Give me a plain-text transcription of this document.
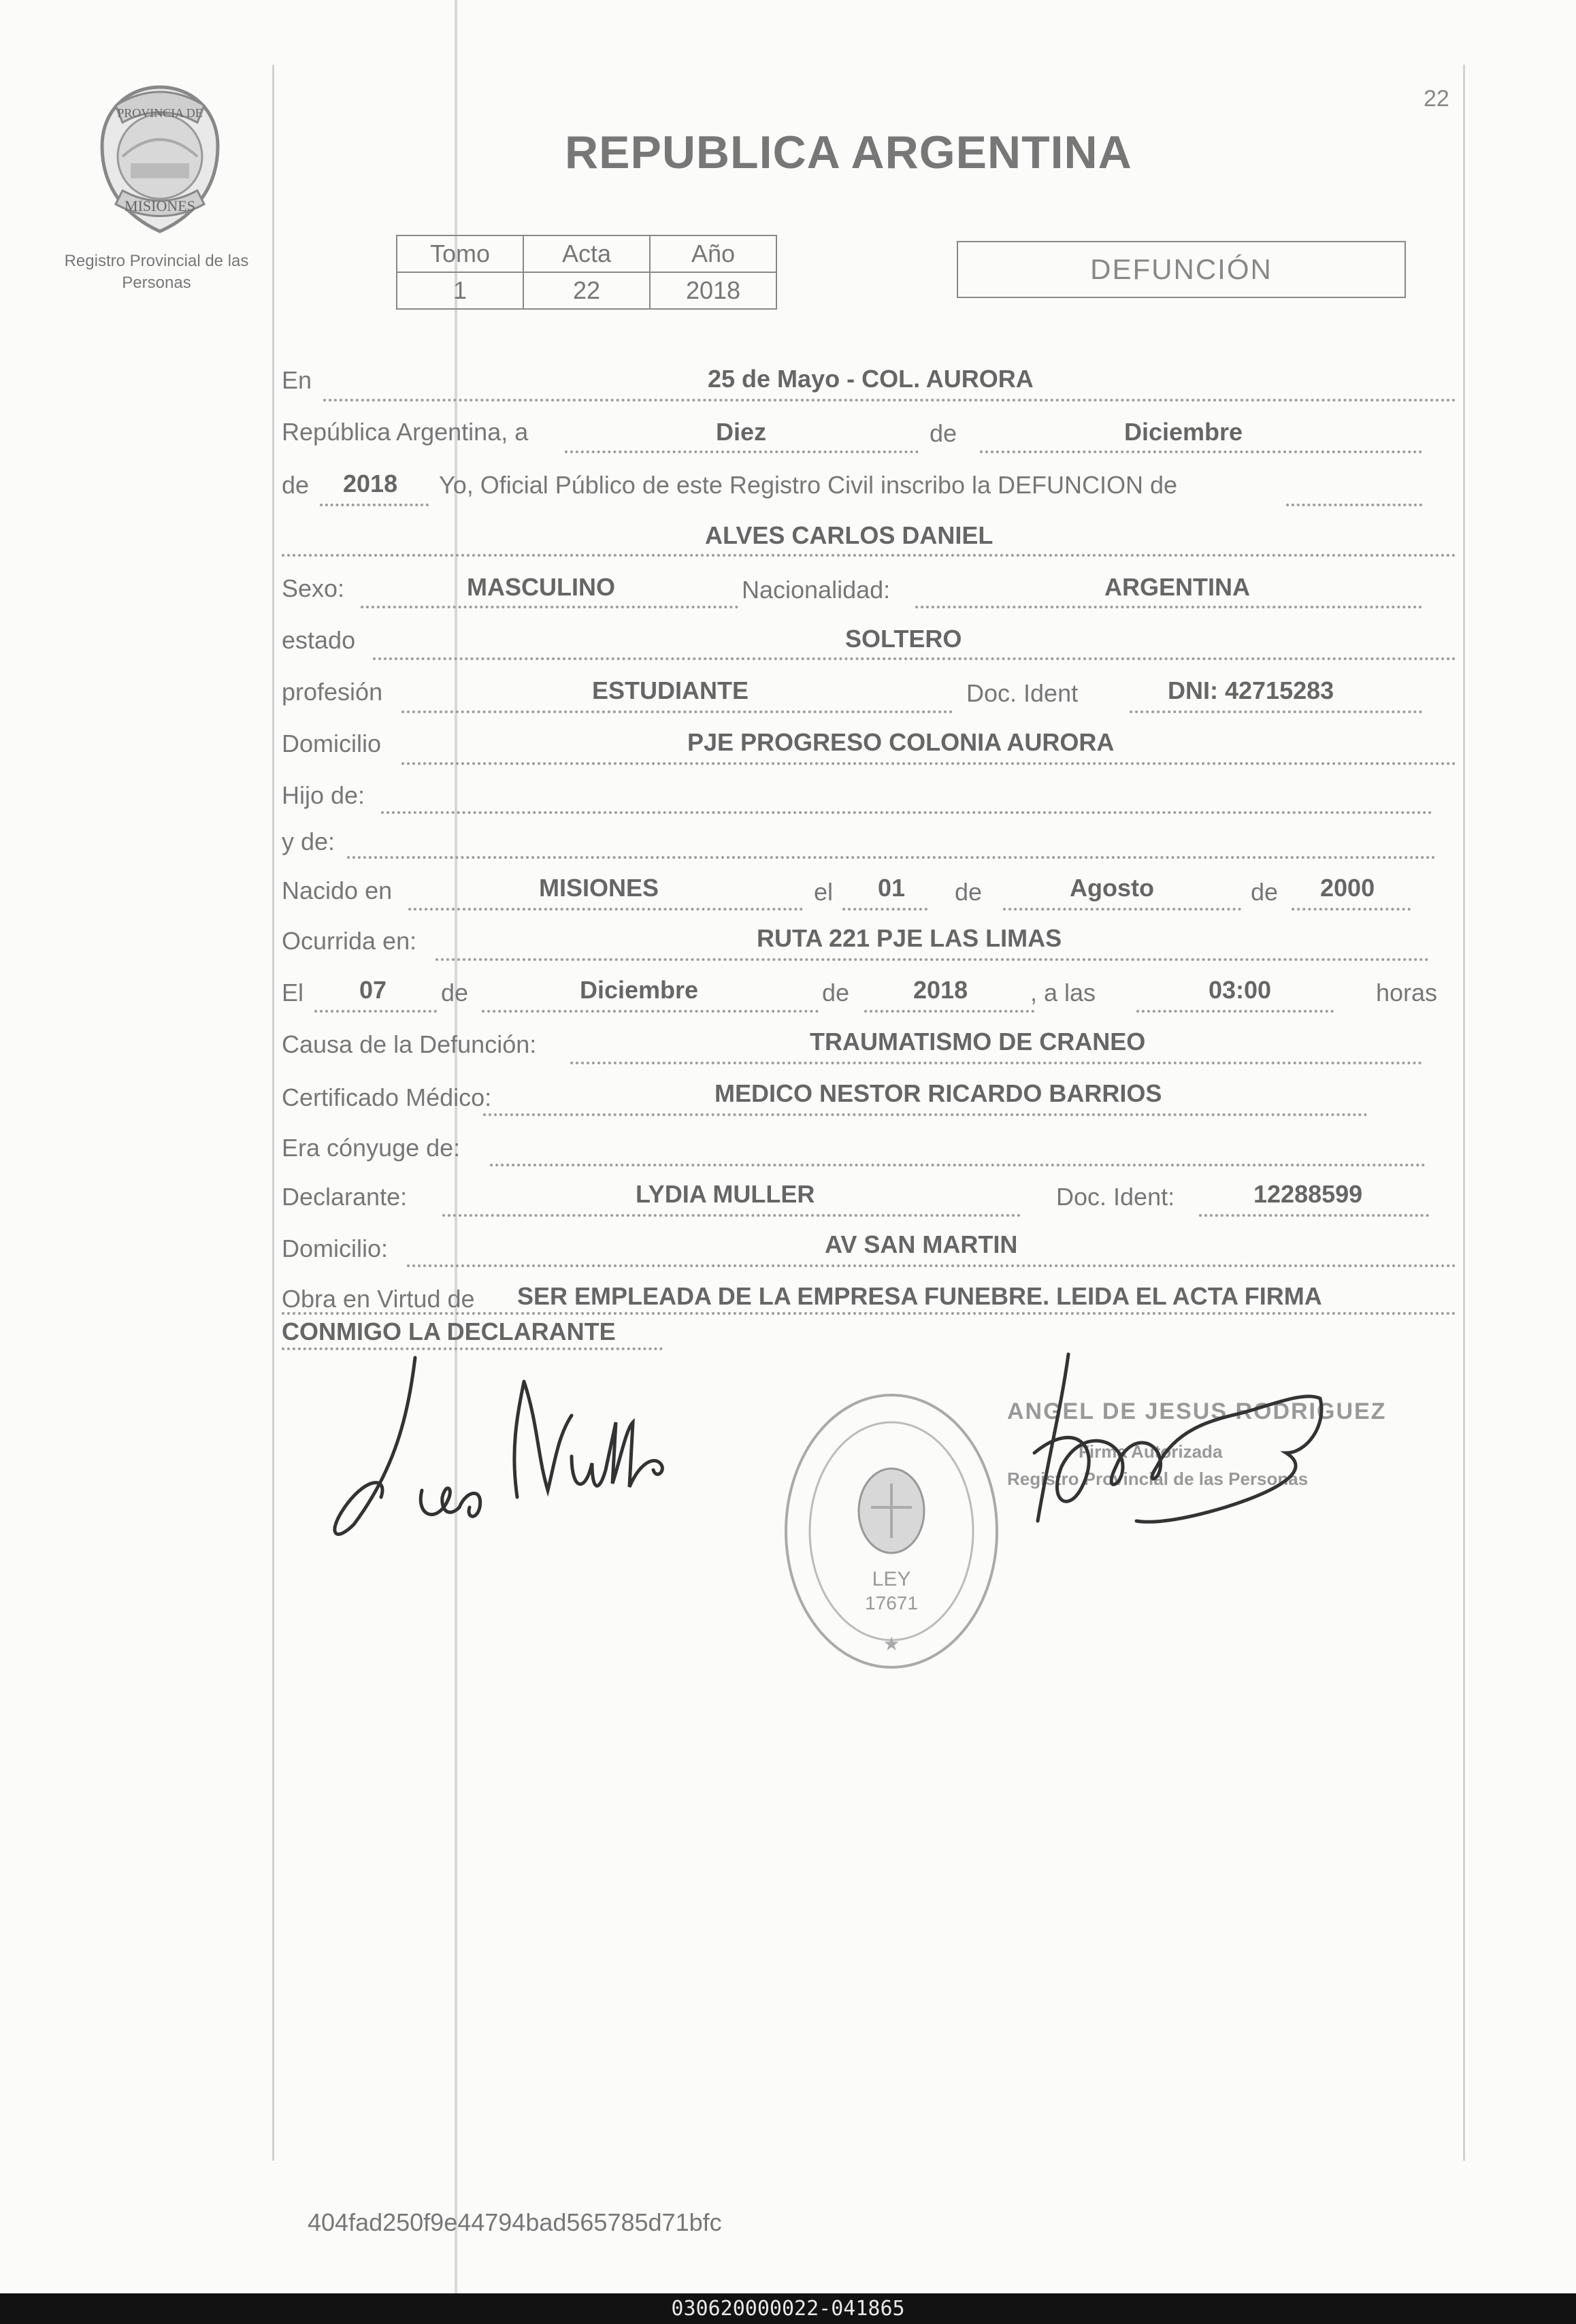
22
PROVINCIA DE
MISIONES
Registro Provincial de las Personas
REPUBLICA ARGENTINA
Tomo	Acta	Año
1	22	2018
DEFUNCIÓN
En	25 de Mayo - COL. AURORA
República Argentina, a	Diez	de	Diciembre
de 2018 Yo, Oficial Público de este Registro Civil inscribo la DEFUNCION de
ALVES CARLOS DANIEL
Sexo:	MASCULINO	Nacionalidad:	ARGENTINA
estado	SOLTERO
profesión	ESTUDIANTE	Doc. Ident	DNI: 42715283
Domicilio	PJE PROGRESO COLONIA AURORA
Hijo de:
y de:
Nacido en	MISIONES	el 01 de	Agosto	de 2000
Ocurrida en:	RUTA 221 PJE LAS LIMAS
El 07 de	Diciembre	de	2018	, a las	03:00	horas
Causa de la Defunción:	TRAUMATISMO DE CRANEO
Certificado Médico:	MEDICO NESTOR RICARDO BARRIOS
Era cónyuge de:
Declarante:	LYDIA MULLER	Doc. Ident:	12288599
Domicilio:	AV SAN MARTIN
Obra en Virtud de SER EMPLEADA DE LA EMPRESA FUNEBRE. LEIDA EL ACTA FIRMA
CONMIGO LA DECLARANTE
LEY
17671
★
ANGEL DE JESUS RODRIGUEZ
Firma Autorizada
Registro Provincial de las Personas
404fad250f9e44794bad565785d71bfc
030620000022-041865
